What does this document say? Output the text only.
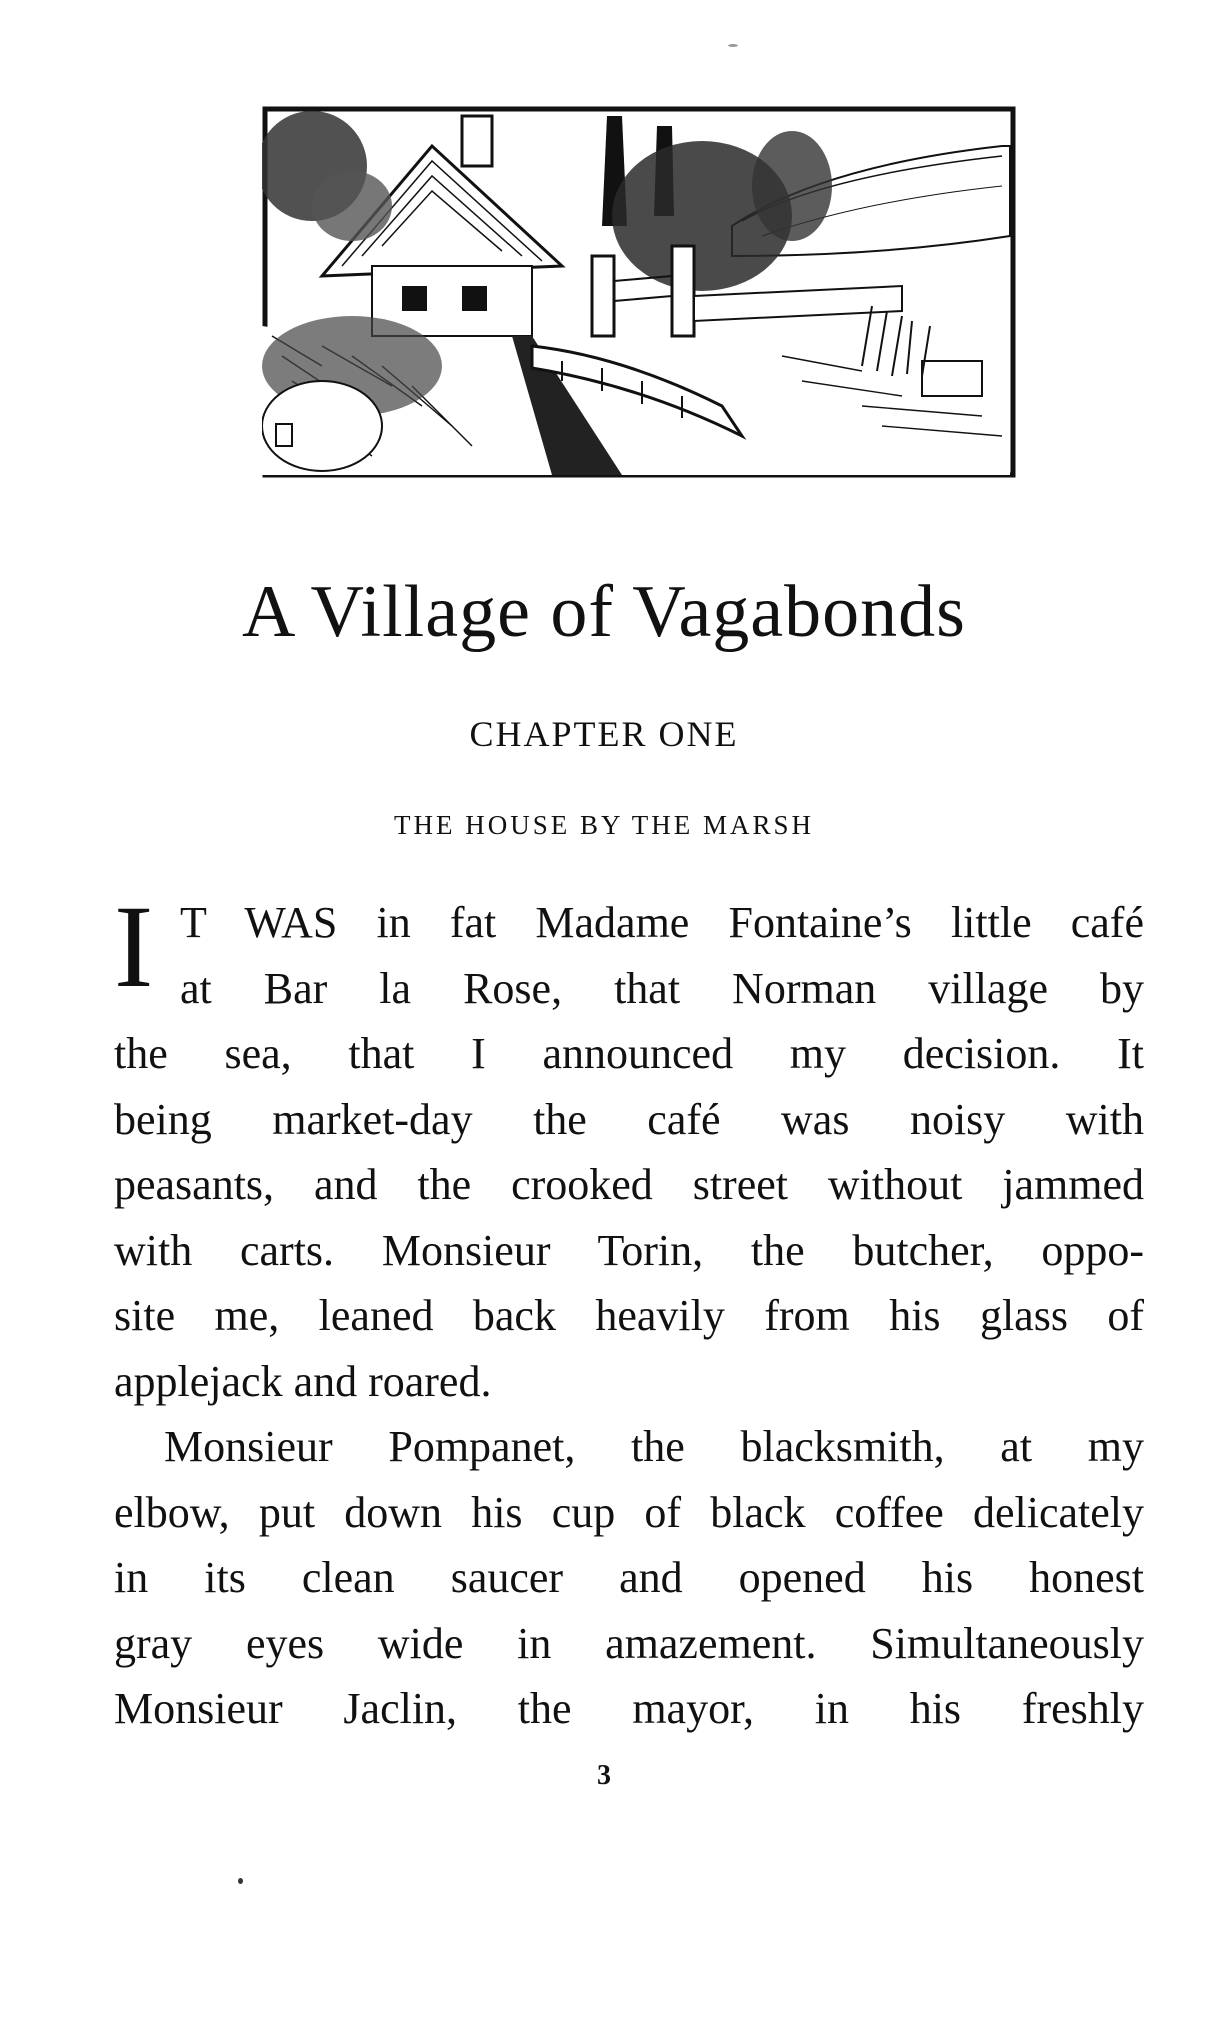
A Village of Vagabonds
CHAPTER ONE
THE HOUSE BY THE MARSH
I T WAS in fat Madame Fontaine’s little café
at Bar la Rose, that Norman village by
the sea, that I announced my decision. It
being market-day the café was noisy with
peasants, and the crooked street without jammed
with carts. Monsieur Torin, the butcher, oppo-
site me, leaned back heavily from his glass of
applejack and roared.
Monsieur Pompanet, the blacksmith, at my
elbow, put down his cup of black coffee delicately
in its clean saucer and opened his honest
gray eyes wide in amazement. Simultaneously
Monsieur Jaclin, the mayor, in his freshly
3
